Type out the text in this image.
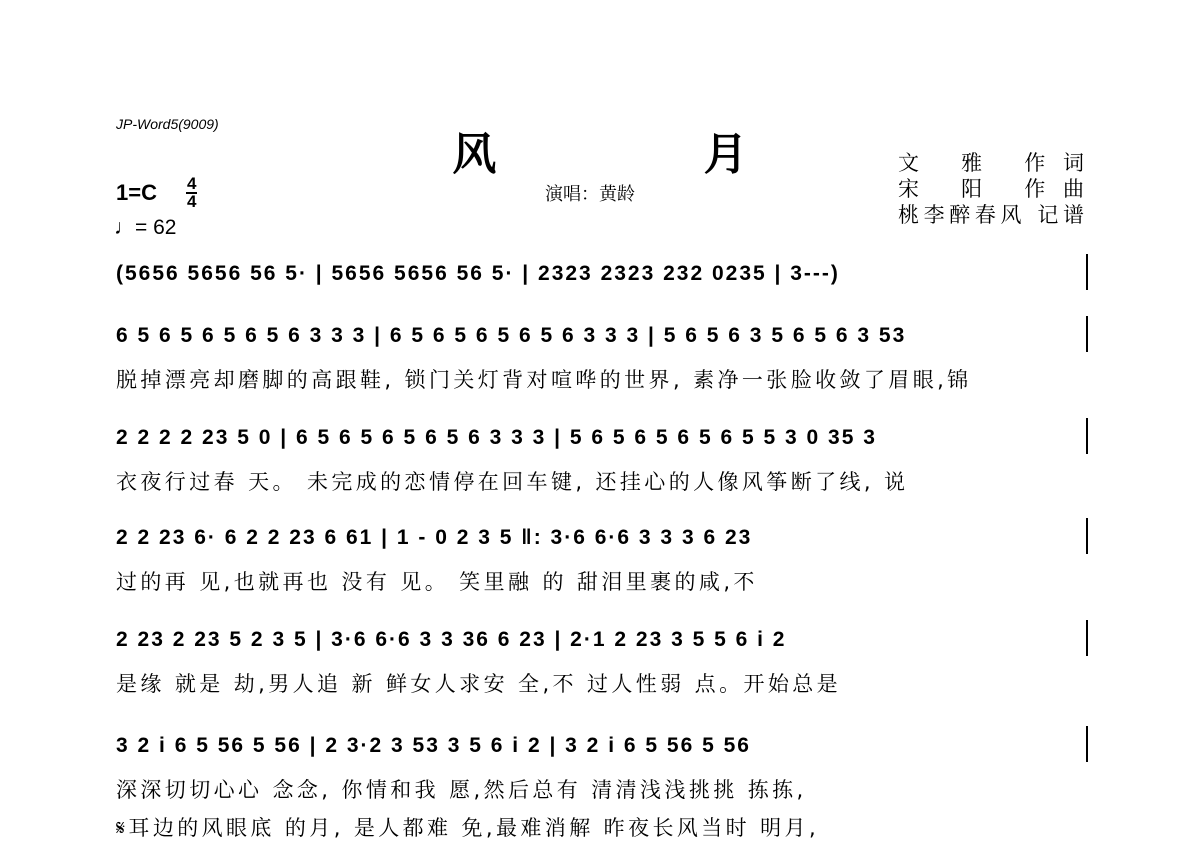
JP-Word5(9009)
风 月
演唱：黄龄
文 雅 作词
宋 阳 作曲
桃李醉春风 记谱
1=C 4
4
♩= 62
(5656 5656 56 5· | 5656 5656 56 5· | 2323 2323 232 0235 | 3---)
6 5 6 5 6 5 6 5 6 3 3 3 | 6 5 6 5 6 5 6 5 6 3 3 3 | 5 6 5 6 3 5 6 5 6 3 53
脱掉漂亮却磨脚的高跟鞋, 锁门关灯背对喧哗的世界, 素净一张脸收敛了眉眼,锦
2 2 2 2 23 5 0 | 6 5 6 5 6 5 6 5 6 3 3 3 | 5 6 5 6 5 6 5 6 5 5 3 0 35 3
衣夜行过春 天。 未完成的恋情停在回车键, 还挂心的人像风筝断了线, 说
2 2 23 6· 6 2 2 23 6 61 | 1 - 0 2 3 5 ‖: 3·6 6·6 3 3 3 6 23
过的再 见,也就再也 没有 见。 笑里融 的 甜泪里裹的咸,不
2 23 2 23 5 2 3 5 | 3·6 6·6 3 3 36 6 23 | 2·1 2 23 3 5 5 6 i 2
是缘 就是 劫,男人追 新 鲜女人求安 全,不 过人性弱 点。开始总是
3 2 i 6 5 56 5 56 | 2 3·2 3 53 3 5 6 i 2 | 3 2 i 6 5 56 5 56
深深切切心心 念念, 你情和我 愿,然后总有 清清浅浅挑挑 拣拣,
𝄋耳边的风眼底 的月, 是人都难 免,最难消解 昨夜长风当时 明月,
